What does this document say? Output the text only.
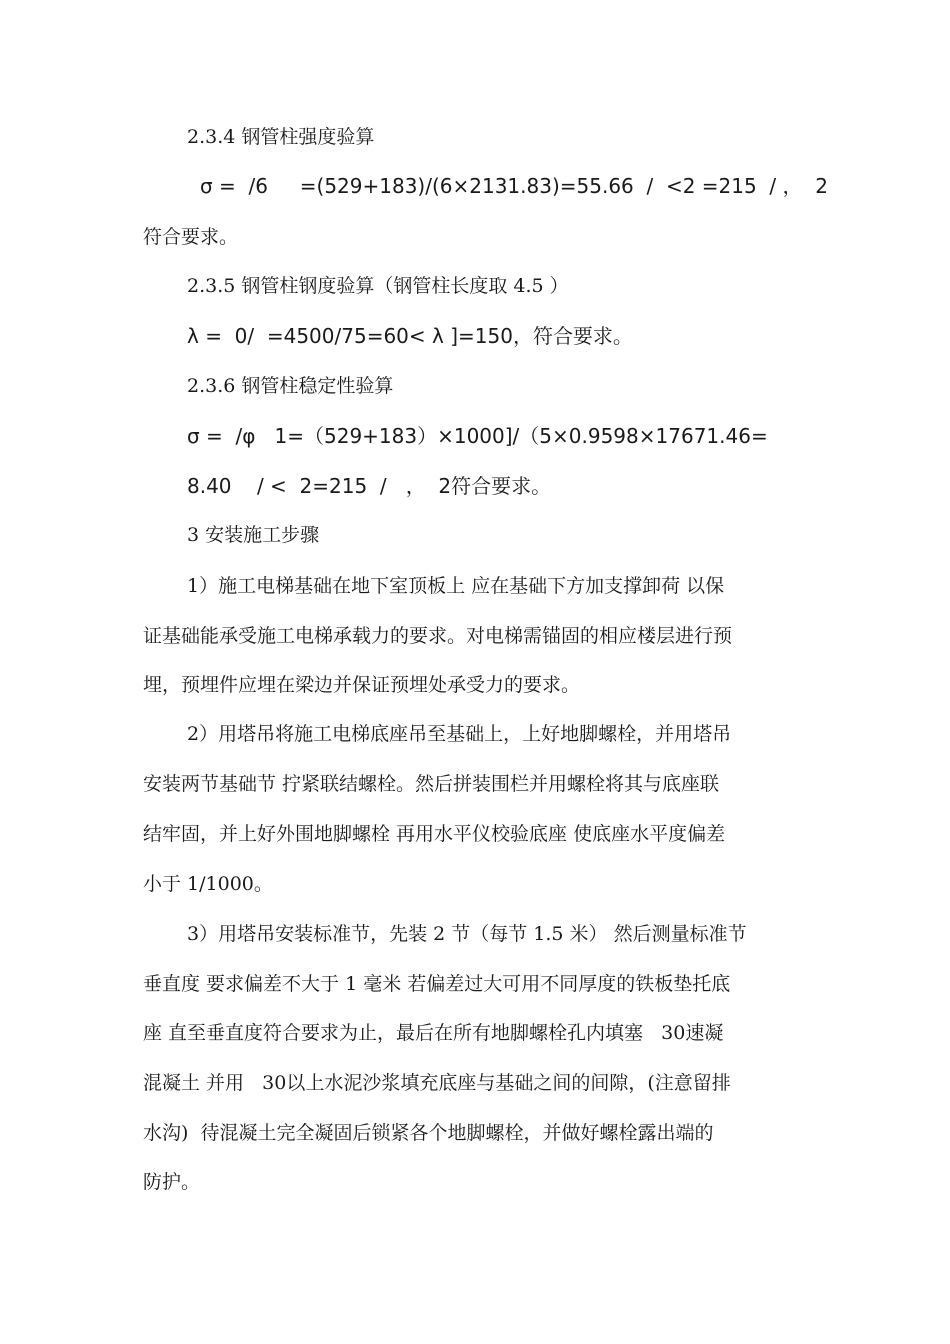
2.3.4 钢管柱强度验算
σ =  /6     =(529+183)/(6×2131.83)=55.66  /  <2 =215  / ，  2
符合要求。
2.3.5 钢管柱钢度验算（钢管柱长度取 4.5 ）
λ =  0/  =4500/75=60< λ ]=150，符合要求。
2.3.6 钢管柱稳定性验算
σ =  /φ   1=（529+183）×1000]/（5×0.9598×17671.46=
8.40    / <  2=215  /   ，  2符合要求。
3 安装施工步骤
1）施工电梯基础在地下室顶板上 应在基础下方加支撑卸荷 以保
证基础能承受施工电梯承载力的要求。对电梯需锚固的相应楼层进行预
埋，预埋件应埋在梁边并保证预埋处承受力的要求。
2）用塔吊将施工电梯底座吊至基础上，上好地脚螺栓，并用塔吊
安装两节基础节 拧紧联结螺栓。然后拼装围栏并用螺栓将其与底座联
结牢固，并上好外围地脚螺栓 再用水平仪校验底座 使底座水平度偏差
小于 1/1000。
3）用塔吊安装标准节，先装 2 节（每节 1.5 米） 然后测量标准节
垂直度 要求偏差不大于 1 毫米 若偏差过大可用不同厚度的铁板垫托底
座 直至垂直度符合要求为止，最后在所有地脚螺栓孔内填塞   30速凝
混凝土 并用   30以上水泥沙浆填充底座与基础之间的间隙，(注意留排
水沟)  待混凝土完全凝固后锁紧各个地脚螺栓，并做好螺栓露出端的
防护。
